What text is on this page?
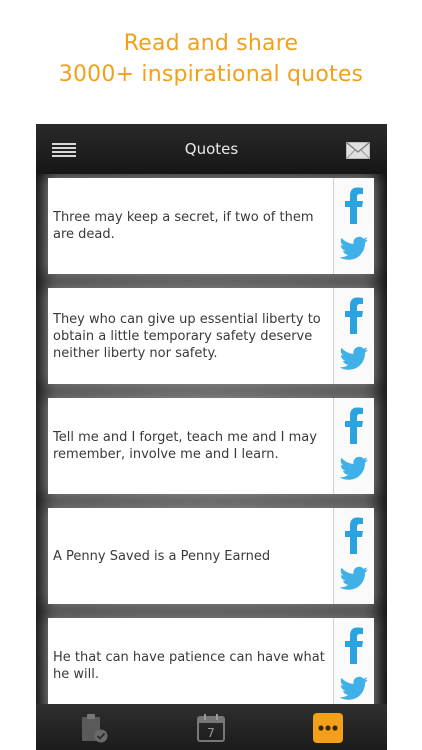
Read and share
3000+ inspirational quotes
Quotes
Three may keep a secret, if two of them are dead.
They who can give up essential liberty to obtain a little temporary safety deserve neither liberty nor safety.
Tell me and I forget, teach me and I may remember, involve me and I learn.
A Penny Saved is a Penny Earned
He that can have patience can have what he will.
7
